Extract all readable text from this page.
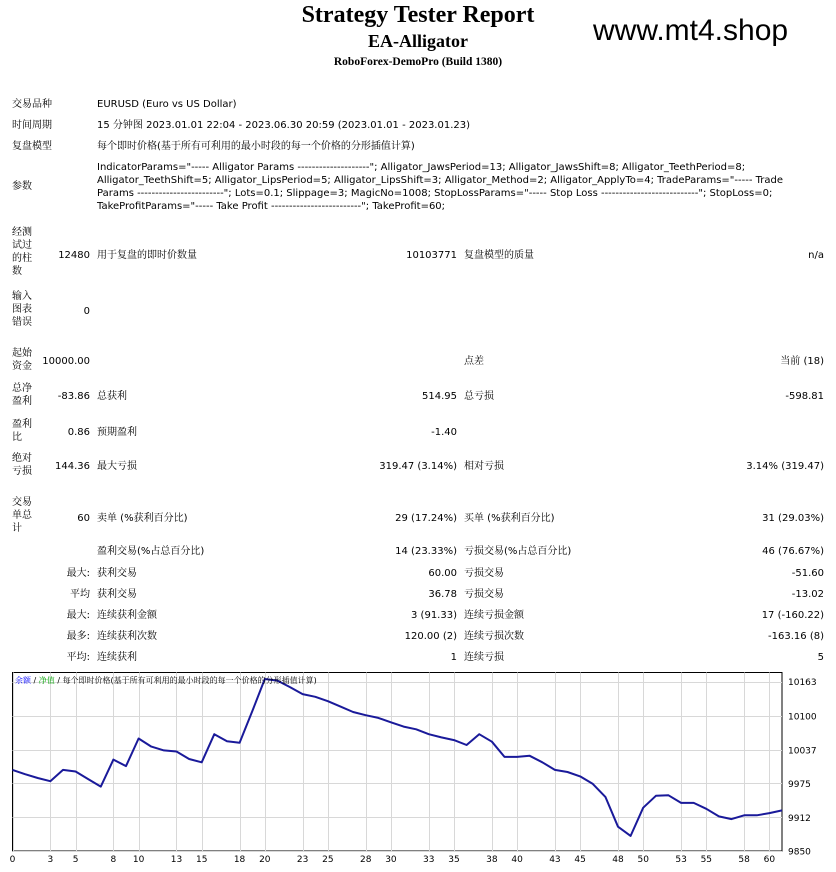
Strategy Tester Report
EA-Alligator
RoboForex-DemoPro (Build 1380)
www.mt4.shop
交易品种	EURUSD (Euro vs US Dollar)
时间周期	15 分钟图 2023.01.01 22:04 - 2023.06.30 20:59 (2023.01.01 - 2023.01.23)
复盘模型	每个即时价格(基于所有可利用的最小时段的每一个价格的分形插值计算)
参数
IndicatorParams="----- Alligator Params --------------------"; Alligator_JawsPeriod=13; Alligator_JawsShift=8; Alligator_TeethPeriod=8; Alligator_TeethShift=5; Alligator_LipsPeriod=5; Alligator_LipsShift=3; Alligator_Method=2; Alligator_ApplyTo=4; TradeParams="----- Trade Params ------------------------"; Lots=0.1; Slippage=3; MagicNo=1008; StopLossParams="----- Stop Loss ---------------------------"; StopLoss=0; TakeProfitParams="----- Take Profit -------------------------"; TakeProfit=60;
经测试过的柱数
12480 用于复盘的即时价数量	10103771 复盘模型的质量	n/a
输入图表错误
0
起始资金	10000.00	点差	当前 (18)
总净盈利	-83.86 总获利	514.95 总亏损	-598.81
盈利比	0.86 预期盈利	-1.40
绝对亏损	144.36 最大亏损	319.47 (3.14%) 相对亏损	3.14% (319.47)
交易单总计
60 卖单 (%获利百分比)	29 (17.24%) 买单 (%获利百分比)	31 (29.03%)
盈利交易(%占总百分比)	14 (23.33%) 亏损交易(%占总百分比)	46 (76.67%)
最大: 获利交易	60.00 亏损交易	-51.60
平均 获利交易	36.78 亏损交易	-13.02
最大: 连续获利金额	3 (91.33) 连续亏损金额	17 (-160.22)
最多: 连续获利次数	120.00 (2) 连续亏损次数	-163.16 (8)
平均: 连续获利	1 连续亏损	5
10163
10100
10037
9975
9912
9850
0	3 5	8 10	13 15	18 20	23 25	28 30	33 35	38 40	43 45	48 50	53 55	58 60
余额 / 净值 / 每个即时价格(基于所有可利用的最小时段的每一个价格的分形插值计算)
